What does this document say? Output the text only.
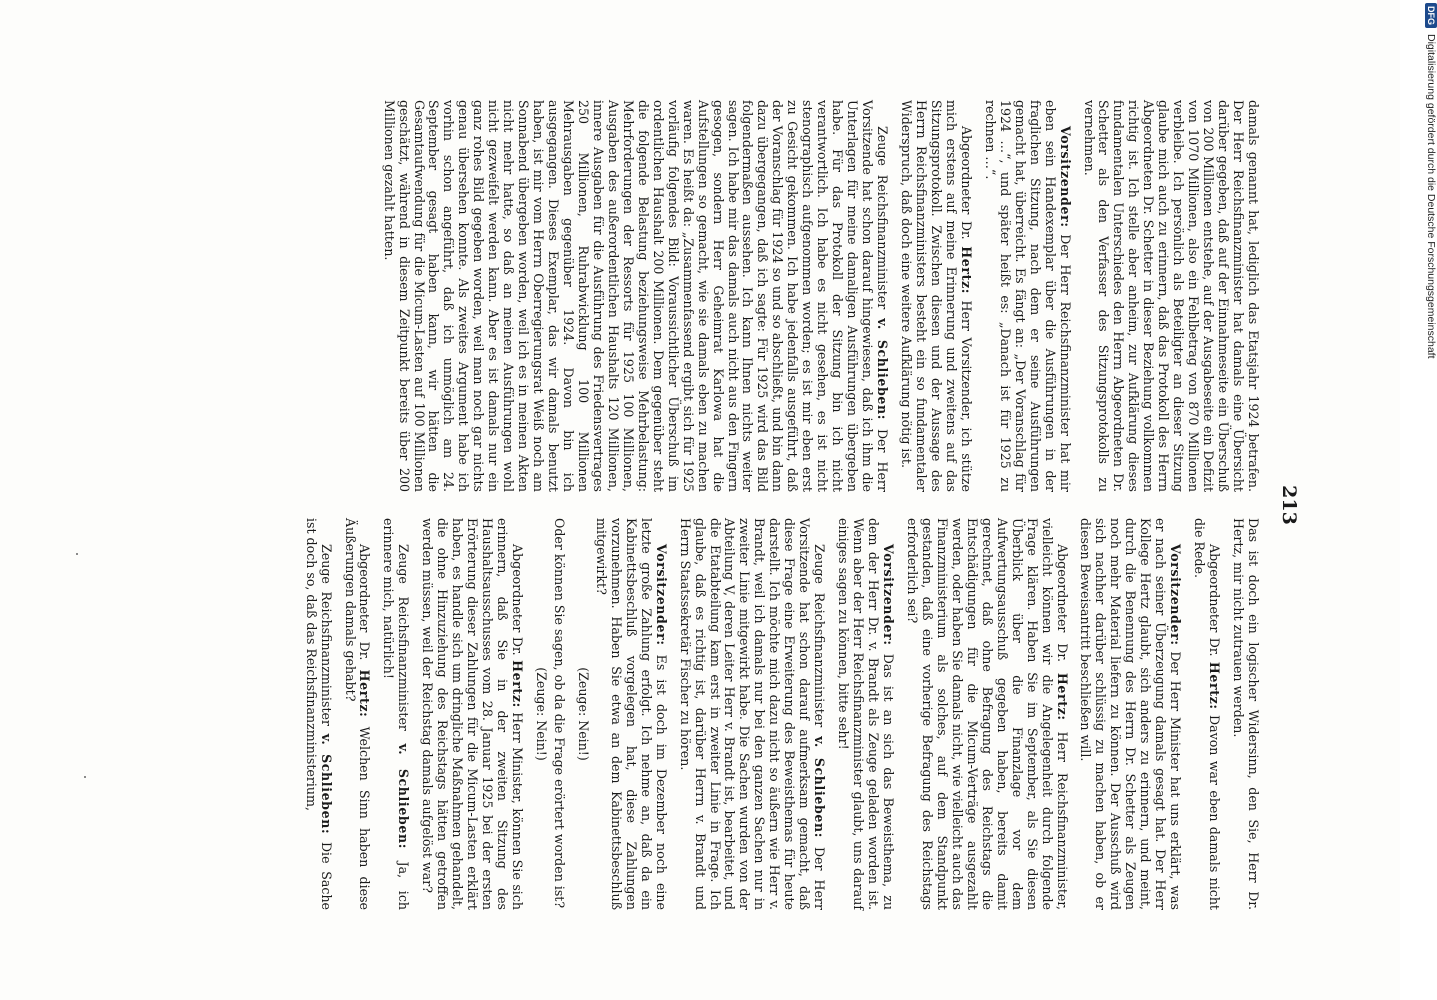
213

damals genannt hat, lediglich das Etatsjahr 1924 betrafen. Der Herr Reichsfinanzminister hat damals eine Übersicht darüber gegeben, daß auf der Einnahmeseite ein Überschuß von 200 Millionen entstehe, auf der Ausgabeseite ein Defizit von 1070 Millionen, also ein Fehlbetrag von 870 Millionen verbleibe. Ich persönlich als Beteiligter an dieser Sitzung glaube mich auch zu erinnern, daß das Protokoll des Herrn Abgeordneten Dr. Schetter in dieser Beziehung vollkommen richtig ist. Ich stelle aber anheim, zur Aufklärung dieses fundamentalen Unterschiedes den Herrn Abgeordneten Dr. Schetter als den Verfasser des Sitzungsprotokolls zu vernehmen.

Vorsitzender: Der Herr Reichsfinanzminister hat mir eben sein Handexemplar über die Ausführungen in der fraglichen Sitzung, nach dem er seine Ausführungen gemacht hat, überreicht. Es fängt an: „Der Voranschlag für 1924 …“, und später heißt es: „Danach ist für 1925 zu rechnen …“.

Abgeordneter Dr. Hertz: Herr Vorsitzender, ich stütze mich erstens auf meine Erinnerung und zweitens auf das Sitzungsprotokoll. Zwischen diesen und der Aussage des Herrn Reichsfinanzministers besteht ein so fundamentaler Widerspruch, daß doch eine weitere Aufklärung nötig ist.

Zeuge Reichsfinanzminister v. Schlieben: Der Herr Vorsitzende hat schon darauf hingewiesen, daß ich ihm die Unterlagen für meine damaligen Ausführungen übergeben habe. Für das Protokoll der Sitzung bin ich nicht verantwortlich. Ich habe es nicht gesehen, es ist nicht stenographisch aufgenommen worden; es ist mir eben erst zu Gesicht gekommen. Ich habe jedenfalls ausgeführt, daß der Voranschlag für 1924 so und so abschließt, und bin dann dazu übergegangen, daß ich sagte: Für 1925 wird das Bild folgendermaßen aussehen. Ich kann Ihnen nichts weiter sagen. Ich habe mir das damals auch nicht aus den Fingern gesogen, sondern Herr Geheimrat Karlowa hat die Aufstellungen so gemacht, wie sie damals eben zu machen waren. Es heißt da: „Zusammenfassend ergibt sich für 1925 vorläufig folgendes Bild: Voraussichtlicher Überschuß im ordentlichen Haushalt 200 Millionen. Dem gegenüber steht die folgende Belastung beziehungsweise Mehrbelastung: Mehrforderungen der Ressorts für 1925 100 Millionen, Ausgaben des außerordentlichen Haushalts 120 Millionen, innere Ausgaben für die Ausführung des Friedensvertrages 250 Millionen, Ruhrabwicklung 100 Millionen Mehrausgaben gegenüber 1924. Davon bin ich ausgegangen. Dieses Exemplar, das wir damals benutzt haben, ist mir vom Herrn Oberregierungsrat Weiß noch am Sonnabend übergeben worden, weil ich es in meinen Akten nicht mehr hatte, so daß an meinen Ausführungen wohl nicht gezweifelt werden kann. Aber es ist damals nur ein ganz rohes Bild gegeben worden, weil man noch gar nichts genau übersehen konnte. Als zweites Argument habe ich vorhin schon angeführt, daß ich unmöglich am 24. September gesagt haben kann, wir hätten die Gesamtaufwendung für die Micum-Lasten auf 100 Millionen geschätzt, während in diesem Zeitpunkt bereits über 200 Millionen gezahlt hatten.

Das ist doch ein logischer Widersinn, den Sie, Herr Dr. Hertz, mir nicht zutrauen werden.

Abgeordneter Dr. Hertz: Davon war eben damals nicht die Rede.

Vorsitzender: Der Herr Minister hat uns erklärt, was er nach seiner Überzeugung damals gesagt hat. Der Herr Kollege Hertz glaubt, sich anders zu erinnern, und meint, durch die Benennung des Herrn Dr. Schetter als Zeugen noch mehr Material liefern zu können. Der Ausschuß wird sich nachher darüber schlüssig zu machen haben, ob er diesen Beweisantritt beschließen will.

Abgeordneter Dr. Hertz: Herr Reichsfinanzminister, vielleicht können wir die Angelegenheit durch folgende Frage klären. Haben Sie im September, als Sie diesen Überblick über die Finanzlage vor dem Aufwertungsausschuß gegeben haben, bereits damit gerechnet, daß ohne Befragung des Reichstags die Entschädigungen für die Micum-Verträge ausgezahlt werden, oder haben Sie damals nicht, wie vielleicht auch das Finanzministerium als solches, auf dem Standpunkt gestanden, daß eine vorherige Befragung des Reichstags erforderlich sei?

Vorsitzender: Das ist an sich das Beweisthema, zu dem der Herr Dr. v. Brandt als Zeuge geladen worden ist. Wenn aber der Herr Reichsfinanzminister glaubt, uns darauf einiges sagen zu können, bitte sehr!

Zeuge Reichsfinanzminister v. Schlieben: Der Herr Vorsitzende hat schon darauf aufmerksam gemacht, daß diese Frage eine Erweiterung des Beweisthemas für heute darstellt. Ich möchte mich dazu nicht so äußern wie Herr v. Brandt, weil ich damals nur bei den ganzen Sachen nur in zweiter Linie mitgewirkt habe. Die Sachen wurden von der Abteilung V, deren Leiter Herr v. Brandt ist, bearbeitet, und die Etatabteilung kam erst in zweiter Linie in Frage. Ich glaube, daß es richtig ist, darüber Herrn v. Brandt und Herrn Staatssekretär Fischer zu hören.

Vorsitzender: Es ist doch im Dezember noch eine letzte große Zahlung erfolgt. Ich nehme an, daß da ein Kabinettsbeschluß vorgelegen hat, diese Zahlungen vorzunehmen. Haben Sie etwa an dem Kabinettsbeschluß mitgewirkt?

(Zeuge: Nein!)

Oder können Sie sagen, ob da die Frage erörtert worden ist?

(Zeuge: Nein!)

Abgeordneter Dr. Hertz: Herr Minister, können Sie sich erinnern, daß Sie in der zweiten Sitzung des Haushaltsausschusses vom 28. Januar 1925 bei der ersten Erörterung dieser Zahlungen für die Micum-Lasten erklärt haben, es handle sich um dringliche Maßnahmen gehandelt, die ohne Hinzuziehung des Reichstags hätten getroffen werden müssen, weil der Reichstag damals aufgelöst war?

Zeuge Reichsfinanzminister v. Schlieben: Ja, ich erinnere mich, natürlich!

Abgeordneter Dr. Hertz: Welchen Sinn haben diese Äußerungen damals gehabt?

Zeuge Reichsfinanzminister v. Schlieben: Die Sache ist doch so, daß das Reichsfinanzministerium,

DFGDigitalisierung gefördert durch die Deutsche Forschungsgemeinschaft
